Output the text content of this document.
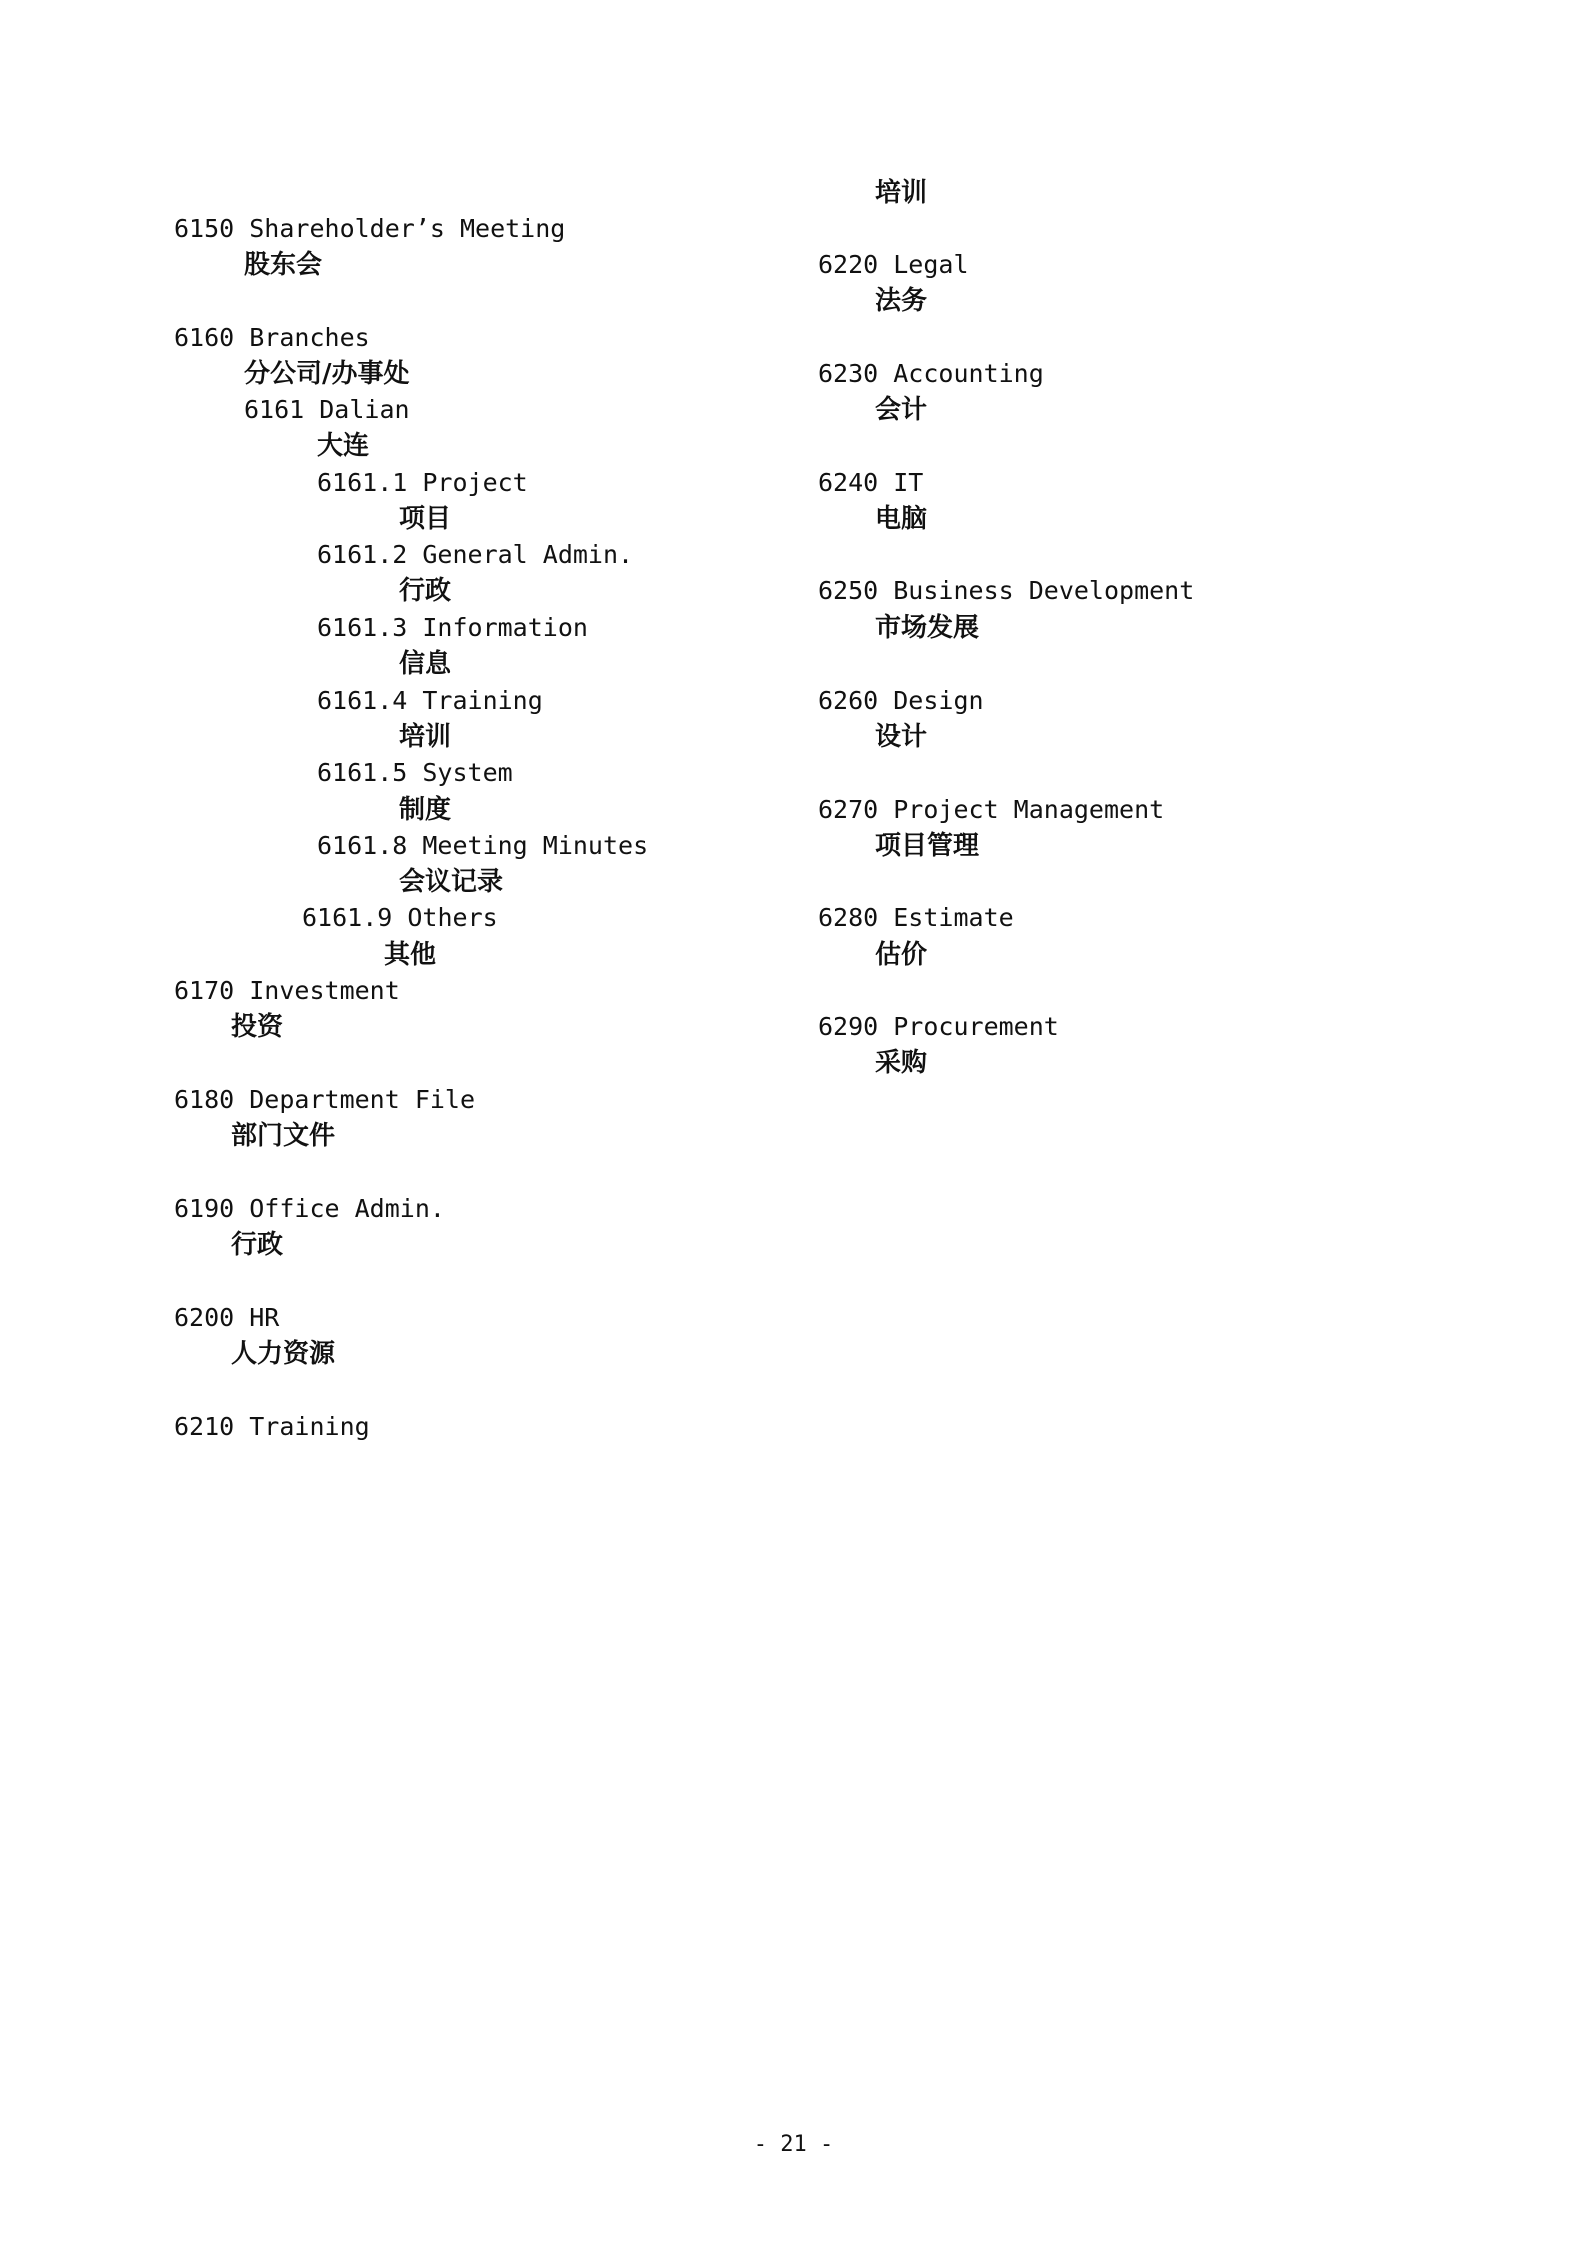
6150 Shareholder’s Meeting
股东会
6160 Branches
分公司/办事处
6161 Dalian
大连
6161.1 Project
项目
6161.2 General Admin.
行政
6161.3 Information
信息
6161.4 Training
培训
6161.5 System
制度
6161.8 Meeting Minutes
会议记录
6161.9 Others
其他
6170 Investment
投资
6180 Department File
部门文件
6190 Office Admin.
行政
6200 HR
人力资源
6210 Training
培训
6220 Legal
法务
6230 Accounting
会计
6240 IT
电脑
6250 Business Development
市场发展
6260 Design
设计
6270 Project Management
项目管理
6280 Estimate
估价
6290 Procurement
采购
- 21 -
